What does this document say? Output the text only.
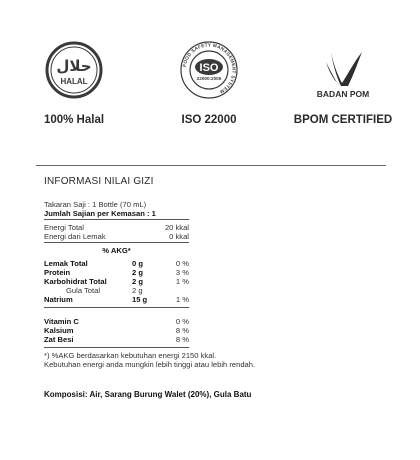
حلال
HALAL
100% Halal
FOOD SAFETY MANAGEMENT SYSTEM
ISO
22000:2005
ISO 22000
BADAN POM
BPOM CERTIFIED
INFORMASI NILAI GIZI
Takaran Saji : 1 Bottle (70 mL)
Jumlah Sajian per Kemasan : 1
Energi Total	20 kkal
Energi dari Lemak	0 kkal
% AKG*
Lemak Total	0 g	0 %
Protein	2 g	3 %
Karbohidrat Total	2 g	1 %
Gula Total	2 g
Natrium	15 g	1 %
Vitamin C	0 %
Kalsium	8 %
Zat Besi	8 %
*) %AKG berdasarkan kebutuhan energi 2150 kkal.
Kebutuhan energi anda mungkin lebih tinggi atau lebih rendah.
Komposisi: Air, Sarang Burung Walet (20%), Gula Batu
